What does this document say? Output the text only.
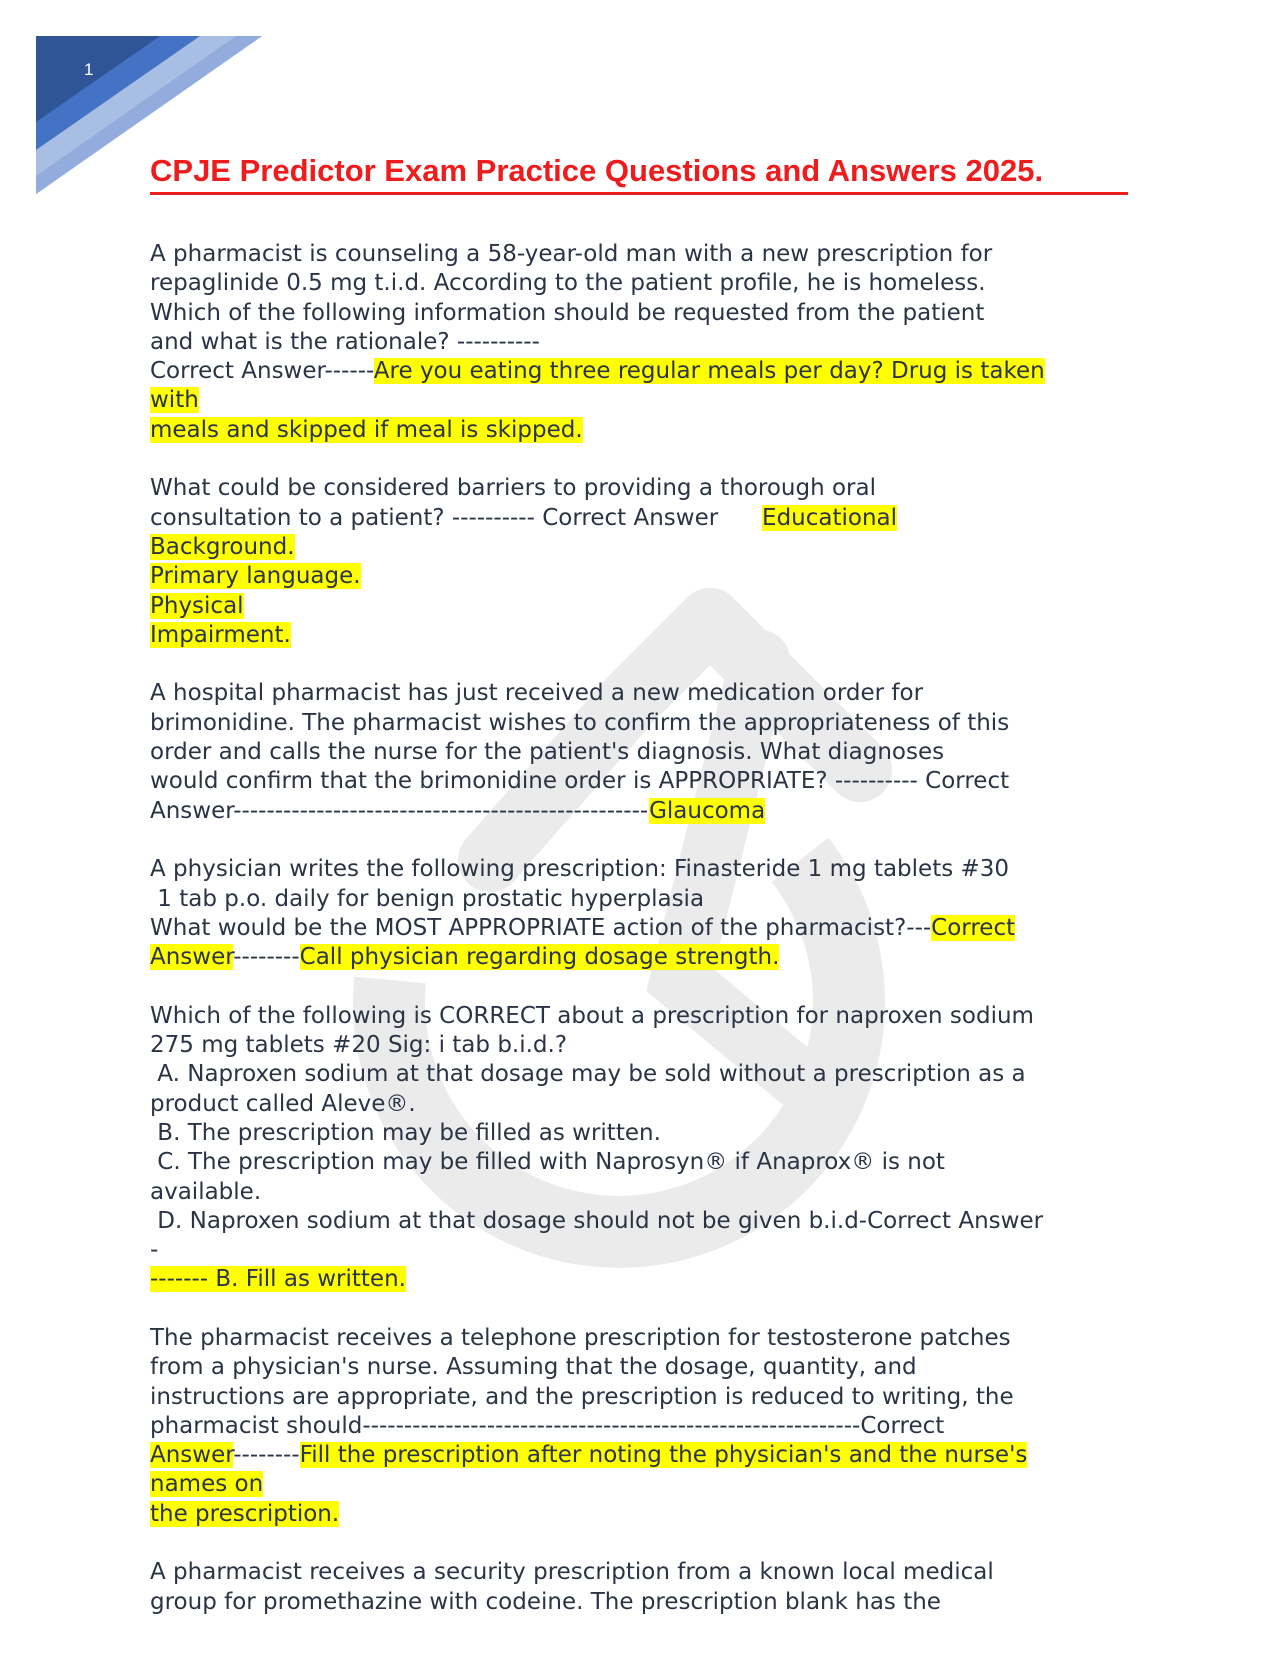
1
CPJE Predictor Exam Practice Questions and Answers 2025.
A pharmacist is counseling a 58-year-old man with a new prescription for
repaglinide 0.5 mg t.i.d. According to the patient profile, he is homeless.
Which of the following information should be requested from the patient
and what is the rationale? ----------
Correct Answer------Are you eating three regular meals per day? Drug is taken
with
meals and skipped if meal is skipped.
What could be considered barriers to providing a thorough oral
consultation to a patient? ---------- Correct Answer Educational
Background.
Primary language.
Physical
Impairment.
A hospital pharmacist has just received a new medication order for
brimonidine. The pharmacist wishes to confirm the appropriateness of this
order and calls the nurse for the patient's diagnosis. What diagnoses
would confirm that the brimonidine order is APPROPRIATE? ---------- Correct
Answer--------------------------------------------------Glaucoma
A physician writes the following prescription: Finasteride 1 mg tablets #30
1 tab p.o. daily for benign prostatic hyperplasia
What would be the MOST APPROPRIATE action of the pharmacist?---Correct
Answer--------Call physician regarding dosage strength.
Which of the following is CORRECT about a prescription for naproxen sodium
275 mg tablets #20 Sig: i tab b.i.d.?
A. Naproxen sodium at that dosage may be sold without a prescription as a
product called Aleve®.
B. The prescription may be filled as written.
C. The prescription may be filled with Naprosyn® if Anaprox® is not
available.
D. Naproxen sodium at that dosage should not be given b.i.d-Correct Answer
-
------- B. Fill as written.
The pharmacist receives a telephone prescription for testosterone patches
from a physician's nurse. Assuming that the dosage, quantity, and
instructions are appropriate, and the prescription is reduced to writing, the
pharmacist should------------------------------------------------------------Correct
Answer--------Fill the prescription after noting the physician's and the nurse's
names on
the prescription.
A pharmacist receives a security prescription from a known local medical
group for promethazine with codeine. The prescription blank has the
